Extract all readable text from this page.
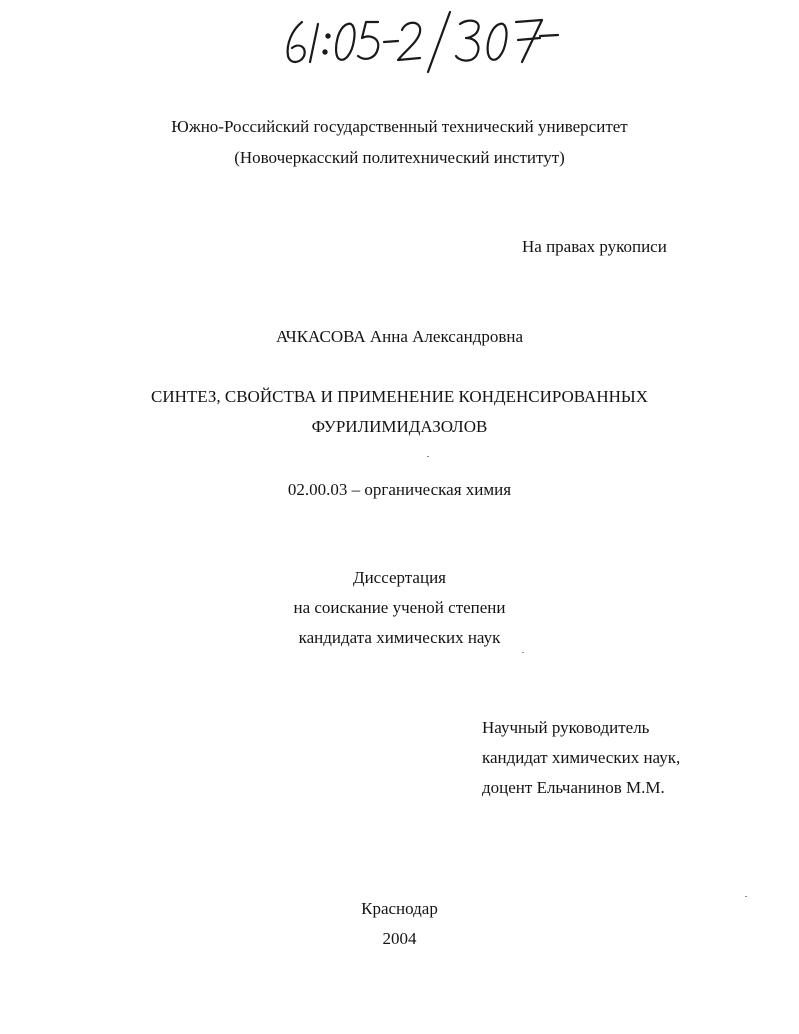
Южно-Российский государственный технический университет
(Новочеркасский политехнический институт)
На правах рукописи
АЧКАСОВА Анна Александровна
СИНТЕЗ, СВОЙСТВА И ПРИМЕНЕНИЕ КОНДЕНСИРОВАННЫХ
ФУРИЛИМИДАЗОЛОВ
02.00.03 – органическая химия
Диссертация
на соискание ученой степени
кандидата химических наук
Научный руководитель
кандидат химических наук,
доцент Ельчанинов М.М.
Краснодар
2004
